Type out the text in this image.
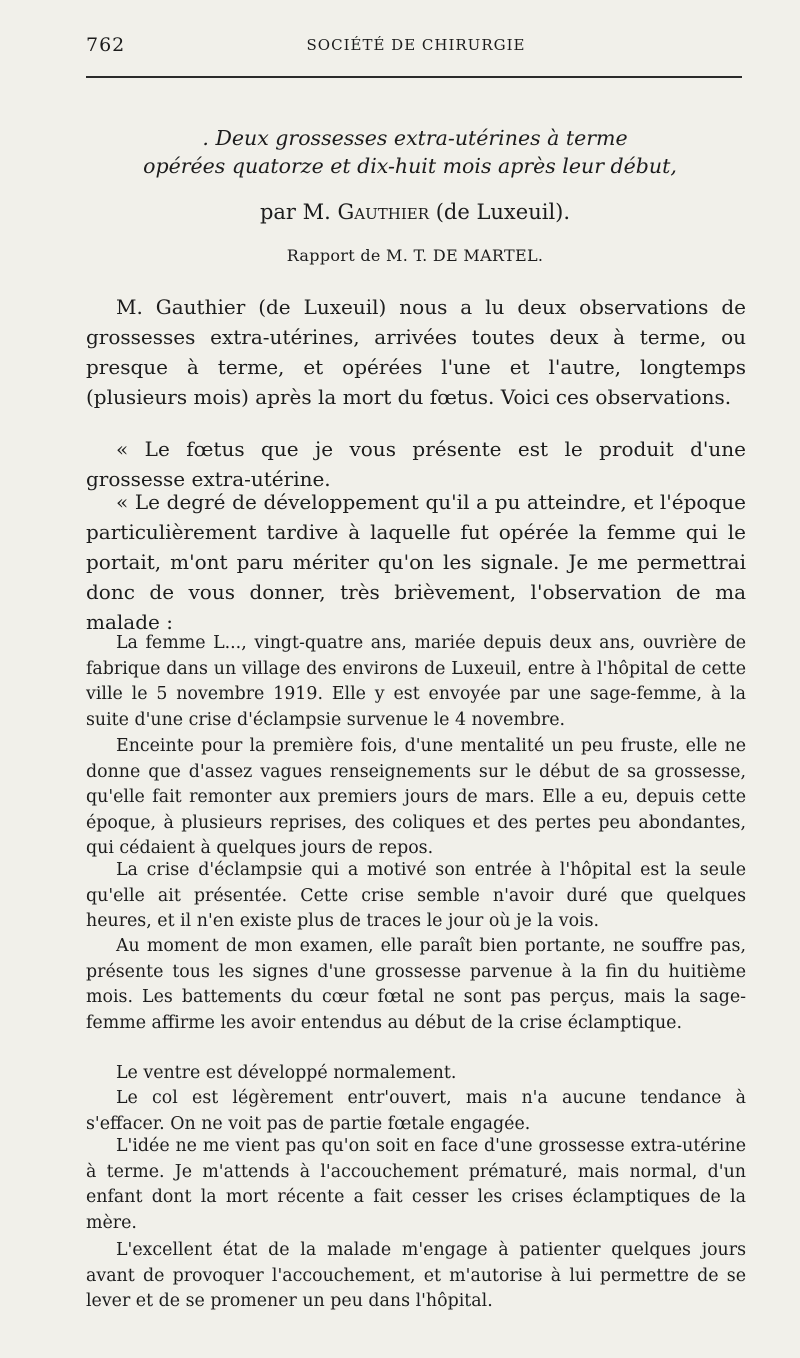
762	SOCIÉTÉ DE CHIRURGIE
. Deux grossesses extra-utérines à terme
opérées quatorze et dix-huit mois après leur début,
par M. Gauthier (de Luxeuil).
Rapport de M. T. DE MARTEL.

M. Gauthier (de Luxeuil) nous a lu deux observations de grossesses extra-utérines, arrivées toutes deux à terme, ou presque à terme, et opérées l'une et l'autre, longtemps (plusieurs mois) après la mort du fœtus. Voici ces observations.

« Le fœtus que je vous présente est le produit d'une grossesse extra-utérine.

« Le degré de développement qu'il a pu atteindre, et l'époque particulièrement tardive à laquelle fut opérée la femme qui le portait, m'ont paru mériter qu'on les signale. Je me permettrai donc de vous donner, très brièvement, l'observation de ma malade :

La femme L..., vingt-quatre ans, mariée depuis deux ans, ouvrière de fabrique dans un village des environs de Luxeuil, entre à l'hôpital de cette ville le 5 novembre 1919. Elle y est envoyée par une sage-femme, à la suite d'une crise d'éclampsie survenue le 4 novembre.

Enceinte pour la première fois, d'une mentalité un peu fruste, elle ne donne que d'assez vagues renseignements sur le début de sa grossesse, qu'elle fait remonter aux premiers jours de mars. Elle a eu, depuis cette époque, à plusieurs reprises, des coliques et des pertes peu abondantes, qui cédaient à quelques jours de repos.

La crise d'éclampsie qui a motivé son entrée à l'hôpital est la seule qu'elle ait présentée. Cette crise semble n'avoir duré que quelques heures, et il n'en existe plus de traces le jour où je la vois.

Au moment de mon examen, elle paraît bien portante, ne souffre pas, présente tous les signes d'une grossesse parvenue à la fin du huitième mois. Les battements du cœur fœtal ne sont pas perçus, mais la sage-femme affirme les avoir entendus au début de la crise éclamptique.

Le ventre est développé normalement.

Le col est légèrement entr'ouvert, mais n'a aucune tendance à s'effacer. On ne voit pas de partie fœtale engagée.

L'idée ne me vient pas qu'on soit en face d'une grossesse extra-utérine à terme. Je m'attends à l'accouchement prématuré, mais normal, d'un enfant dont la mort récente a fait cesser les crises éclamptiques de la mère.

L'excellent état de la malade m'engage à patienter quelques jours avant de provoquer l'accouchement, et m'autorise à lui permettre de se lever et de se promener un peu dans l'hôpital.
